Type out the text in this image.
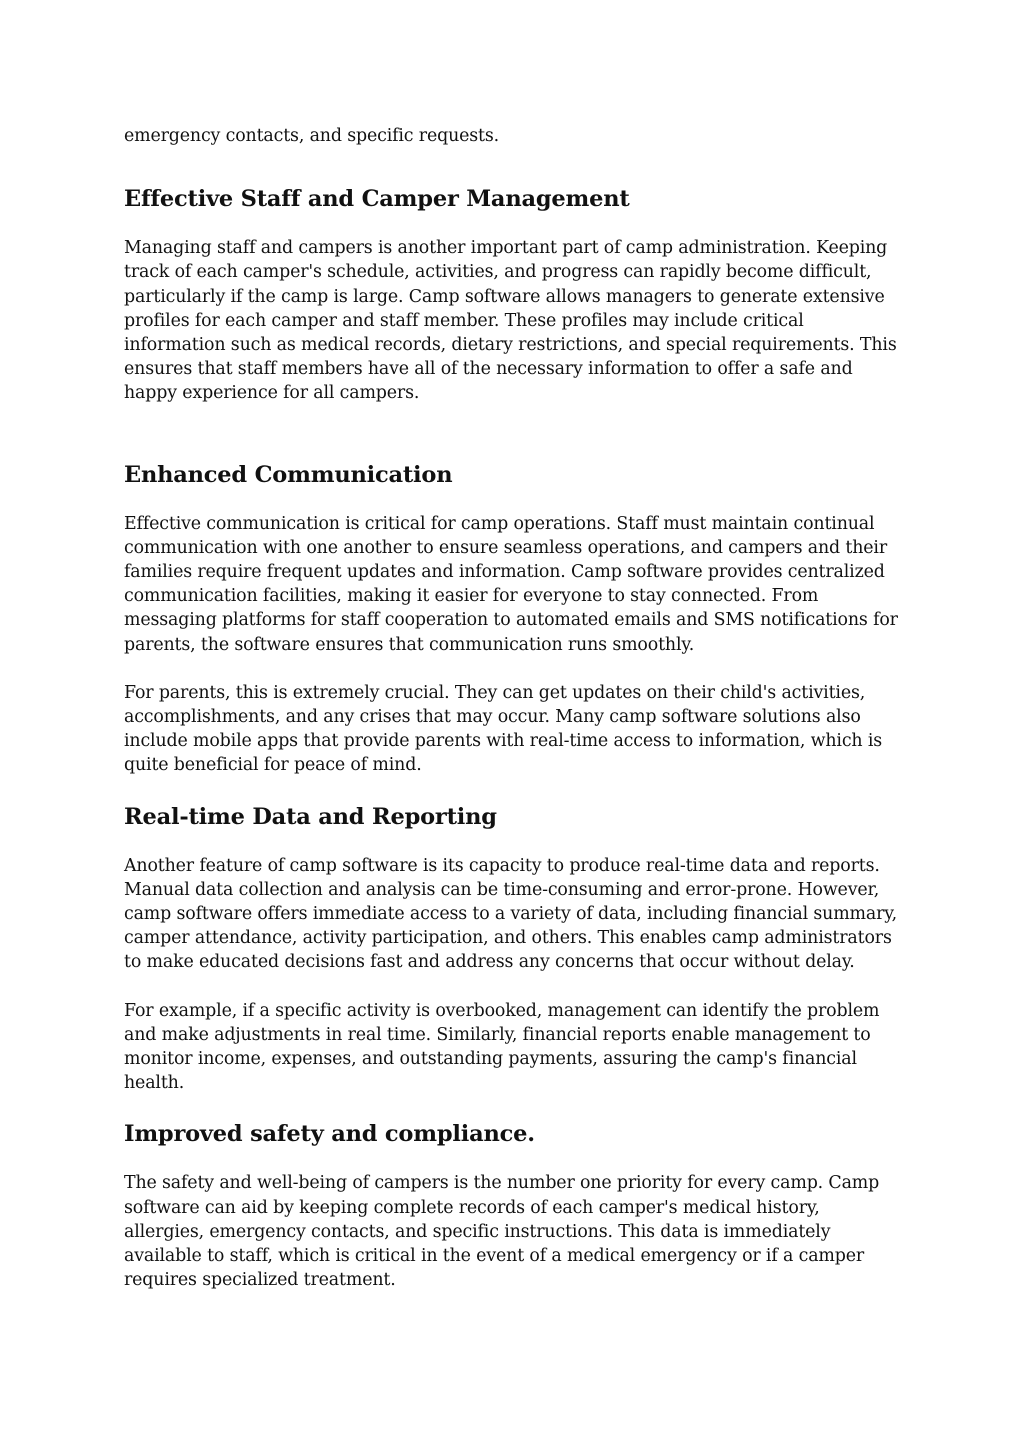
emergency contacts, and specific requests.

Effective Staff and Camper Management

Managing staff and campers is another important part of camp administration. Keeping track of each camper's schedule, activities, and progress can rapidly become difficult, particularly if the camp is large. Camp software allows managers to generate extensive profiles for each camper and staff member. These profiles may include critical information such as medical records, dietary restrictions, and special requirements. This ensures that staff members have all of the necessary information to offer a safe and happy experience for all campers.

Enhanced Communication

Effective communication is critical for camp operations. Staff must maintain continual communication with one another to ensure seamless operations, and campers and their families require frequent updates and information. Camp software provides centralized communication facilities, making it easier for everyone to stay connected. From messaging platforms for staff cooperation to automated emails and SMS notifications for parents, the software ensures that communication runs smoothly.

For parents, this is extremely crucial. They can get updates on their child's activities, accomplishments, and any crises that may occur. Many camp software solutions also include mobile apps that provide parents with real-time access to information, which is quite beneficial for peace of mind.

Real-time Data and Reporting

Another feature of camp software is its capacity to produce real-time data and reports. Manual data collection and analysis can be time-consuming and error-prone. However, camp software offers immediate access to a variety of data, including financial summary, camper attendance, activity participation, and others. This enables camp administrators to make educated decisions fast and address any concerns that occur without delay.

For example, if a specific activity is overbooked, management can identify the problem and make adjustments in real time. Similarly, financial reports enable management to monitor income, expenses, and outstanding payments, assuring the camp's financial health.

Improved safety and compliance.

The safety and well-being of campers is the number one priority for every camp. Camp software can aid by keeping complete records of each camper's medical history, allergies, emergency contacts, and specific instructions. This data is immediately available to staff, which is critical in the event of a medical emergency or if a camper requires specialized treatment.
